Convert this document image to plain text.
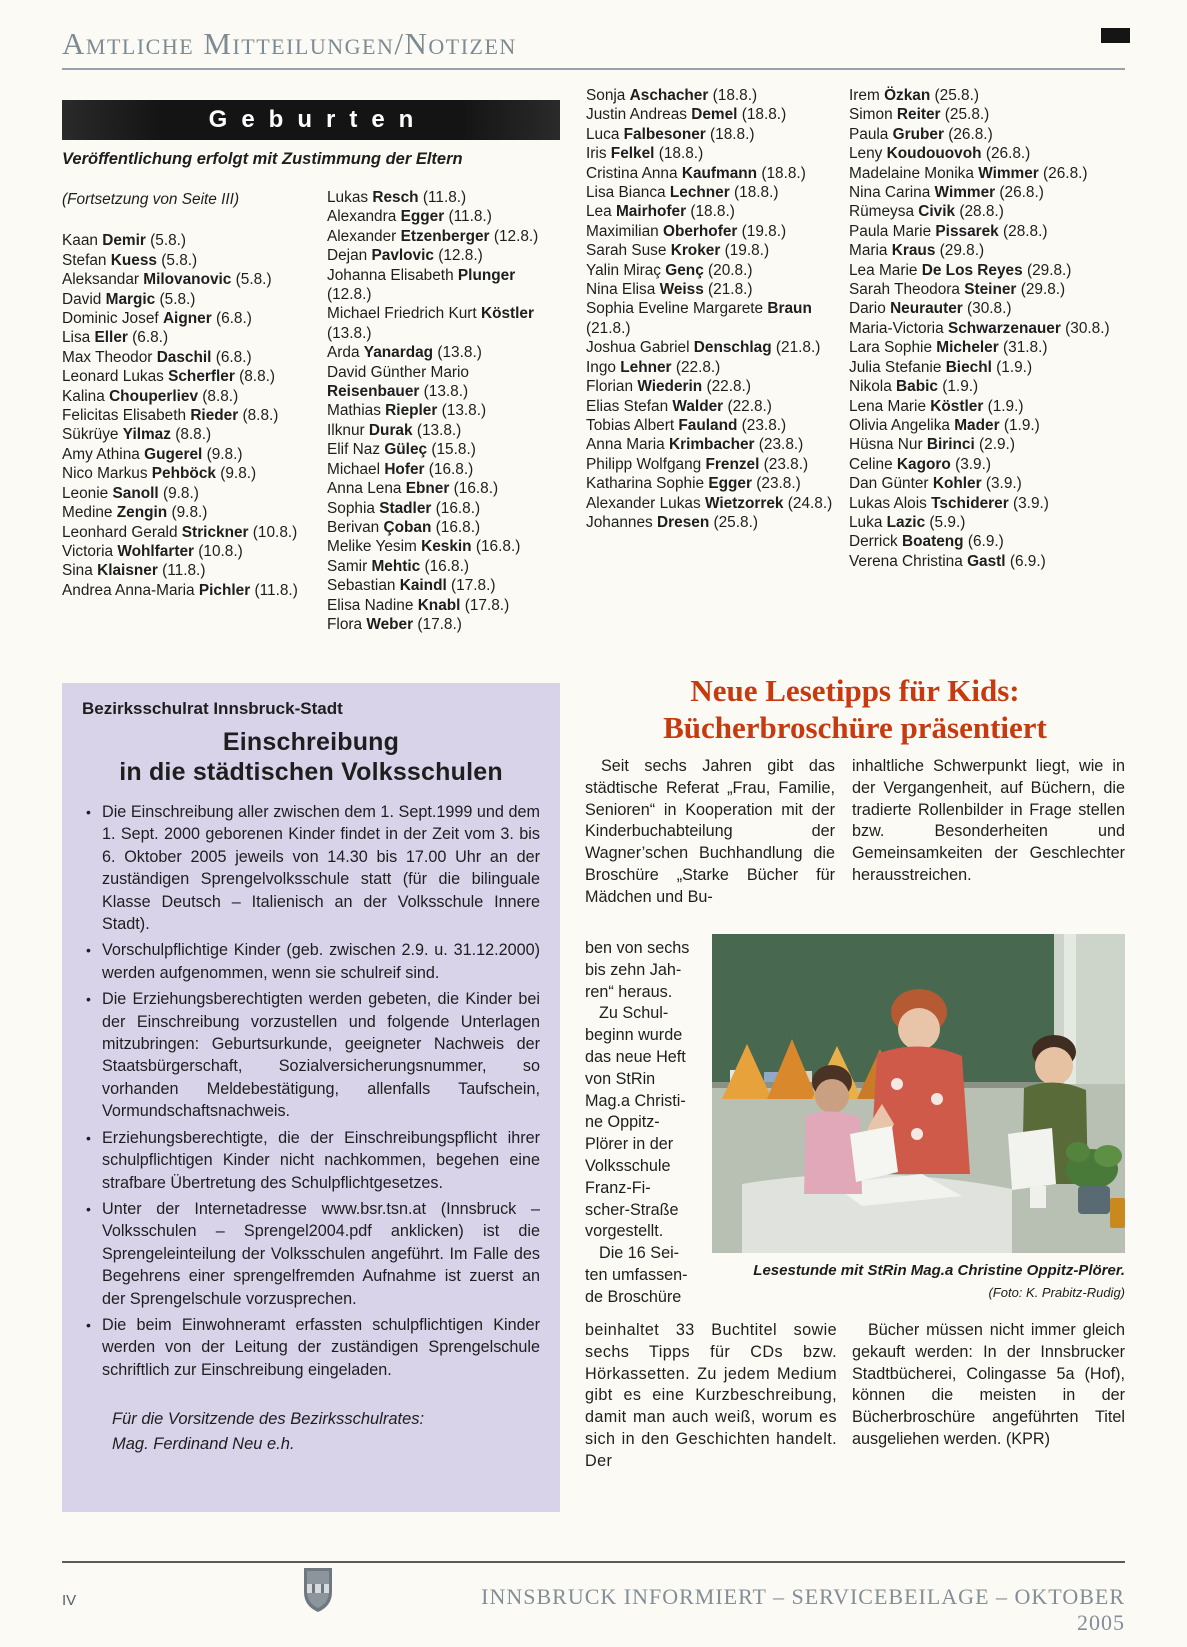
Amtliche Mitteilungen/Notizen
Geburten
Veröffentlichung erfolgt mit Zustimmung der Eltern
(Fortsetzung von Seite III)
Kaan Demir (5.8.)
Stefan Kuess (5.8.)
Aleksandar Milovanovic (5.8.)
David Margic (5.8.)
Dominic Josef Aigner (6.8.)
Lisa Eller (6.8.)
Max Theodor Daschil (6.8.)
Leonard Lukas Scherfler (8.8.)
Kalina Chouperliev (8.8.)
Felicitas Elisabeth Rieder (8.8.)
Sükrüye Yilmaz (8.8.)
Amy Athina Gugerel (9.8.)
Nico Markus Pehböck (9.8.)
Leonie Sanoll (9.8.)
Medine Zengin (9.8.)
Leonhard Gerald Strickner (10.8.)
Victoria Wohlfarter (10.8.)
Sina Klaisner (11.8.)
Andrea Anna-Maria Pichler (11.8.)
Lukas Resch (11.8.)
Alexandra Egger (11.8.)
Alexander Etzenberger (12.8.)
Dejan Pavlovic (12.8.)
Johanna Elisabeth Plunger (12.8.)
Michael Friedrich Kurt Köstler (13.8.)
Arda Yanardag (13.8.)
David Günther Mario Reisenbauer (13.8.)
Mathias Riepler (13.8.)
Ilknur Durak (13.8.)
Elif Naz Güleç (15.8.)
Michael Hofer (16.8.)
Anna Lena Ebner (16.8.)
Sophia Stadler (16.8.)
Berivan Çoban (16.8.)
Melike Yesim Keskin (16.8.)
Samir Mehtic (16.8.)
Sebastian Kaindl (17.8.)
Elisa Nadine Knabl (17.8.)
Flora Weber (17.8.)
Sonja Aschacher (18.8.)
Justin Andreas Demel (18.8.)
Luca Falbesoner (18.8.)
Iris Felkel (18.8.)
Cristina Anna Kaufmann (18.8.)
Lisa Bianca Lechner (18.8.)
Lea Mairhofer (18.8.)
Maximilian Oberhofer (19.8.)
Sarah Suse Kroker (19.8.)
Yalin Miraç Genç (20.8.)
Nina Elisa Weiss (21.8.)
Sophia Eveline Margarete Braun (21.8.)
Joshua Gabriel Denschlag (21.8.)
Ingo Lehner (22.8.)
Florian Wiederin (22.8.)
Elias Stefan Walder (22.8.)
Tobias Albert Fauland (23.8.)
Anna Maria Krimbacher (23.8.)
Philipp Wolfgang Frenzel (23.8.)
Katharina Sophie Egger (23.8.)
Alexander Lukas Wietzorrek (24.8.)
Johannes Dresen (25.8.)
Irem Özkan (25.8.)
Simon Reiter (25.8.)
Paula Gruber (26.8.)
Leny Koudouovoh (26.8.)
Madelaine Monika Wimmer (26.8.)
Nina Carina Wimmer (26.8.)
Rümeysa Civik (28.8.)
Paula Marie Pissarek (28.8.)
Maria Kraus (29.8.)
Lea Marie De Los Reyes (29.8.)
Sarah Theodora Steiner (29.8.)
Dario Neurauter (30.8.)
Maria-Victoria Schwarzenauer (30.8.)
Lara Sophie Micheler (31.8.)
Julia Stefanie Biechl (1.9.)
Nikola Babic (1.9.)
Lena Marie Köstler (1.9.)
Olivia Angelika Mader (1.9.)
Hüsna Nur Birinci (2.9.)
Celine Kagoro (3.9.)
Dan Günter Kohler (3.9.)
Lukas Alois Tschiderer (3.9.)
Luka Lazic (5.9.)
Derrick Boateng (6.9.)
Verena Christina Gastl (6.9.)
Bezirksschulrat Innsbruck-Stadt
Einschreibung
in die städtischen Volksschulen
• Die Einschreibung aller zwischen dem 1. Sept.1999 und dem 1. Sept. 2000 geborenen Kinder findet in der Zeit vom 3. bis 6. Oktober 2005 jeweils von 14.30 bis 17.00 Uhr an der zuständigen Sprengelvolksschule statt (für die bilinguale Klasse Deutsch – Italienisch an der Volksschule Innere Stadt).
• Vorschulpflichtige Kinder (geb. zwischen 2.9. u. 31.12.2000) werden aufgenommen, wenn sie schulreif sind.
• Die Erziehungsberechtigten werden gebeten, die Kinder bei der Einschreibung vorzustellen und folgende Unterlagen mitzubringen: Geburtsurkunde, geeigneter Nachweis der Staatsbürgerschaft, Sozialversicherungsnummer, so vorhanden Meldebestätigung, allenfalls Taufschein, Vormundschaftsnachweis.
• Erziehungsberechtigte, die der Einschreibungspflicht ihrer schulpflichtigen Kinder nicht nachkommen, begehen eine strafbare Übertretung des Schulpflichtgesetzes.
• Unter der Internetadresse www.bsr.tsn.at (Innsbruck – Volksschulen – Sprengel2004.pdf anklicken) ist die Sprengeleinteilung der Volksschulen angeführt. Im Falle des Begehrens einer sprengelfremden Aufnahme ist zuerst an der Sprengelschule vorzusprechen.
• Die beim Einwohneramt erfassten schulpflichtigen Kinder werden von der Leitung der zuständigen Sprengelschule schriftlich zur Einschreibung eingeladen.
Für die Vorsitzende des Bezirksschulrates:
Mag. Ferdinand Neu e.h.
Neue Lesetipps für Kids:
Bücherbroschüre präsentiert

Seit sechs Jahren gibt das städtische Referat „Frau, Familie, Senioren“ in Kooperation mit der Kinderbuchabteilung der Wagner’schen Buchhandlung die Broschüre „Starke Bücher für Mädchen und Bu-

inhaltliche Schwerpunkt liegt, wie in der Vergangenheit, auf Büchern, die tradierte Rollenbilder in Frage stellen bzw. Besonderheiten und Gemeinsamkeiten der Geschlechter herausstreichen.

ben von sechs
bis zehn Jah-
ren“ heraus.
Zu Schul-
beginn wurde
das neue Heft
von StRin
Mag.a Christi-
ne Oppitz-
Plörer in der
Volksschule
Franz-Fi-
scher-Straße
vorgestellt.
Die 16 Sei-
ten umfassen-
de Broschüre
Lesestunde mit StRin Mag.a Christine Oppitz-Plörer.
(Foto: K. Prabitz-Rudig)

beinhaltet 33 Buchtitel sowie sechs Tipps für CDs bzw. Hörkassetten. Zu jedem Medium gibt es eine Kurzbeschreibung, damit man auch weiß, worum es sich in den Geschichten handelt. Der

Bücher müssen nicht immer gleich gekauft werden: In der Innsbrucker Stadtbücherei, Colingasse 5a (Hof), können die meisten in der Bücherbroschüre angeführten Titel ausgeliehen werden. (KPR)

IV	INNSBRUCK INFORMIERT – SERVICEBEILAGE – OKTOBER 2005
